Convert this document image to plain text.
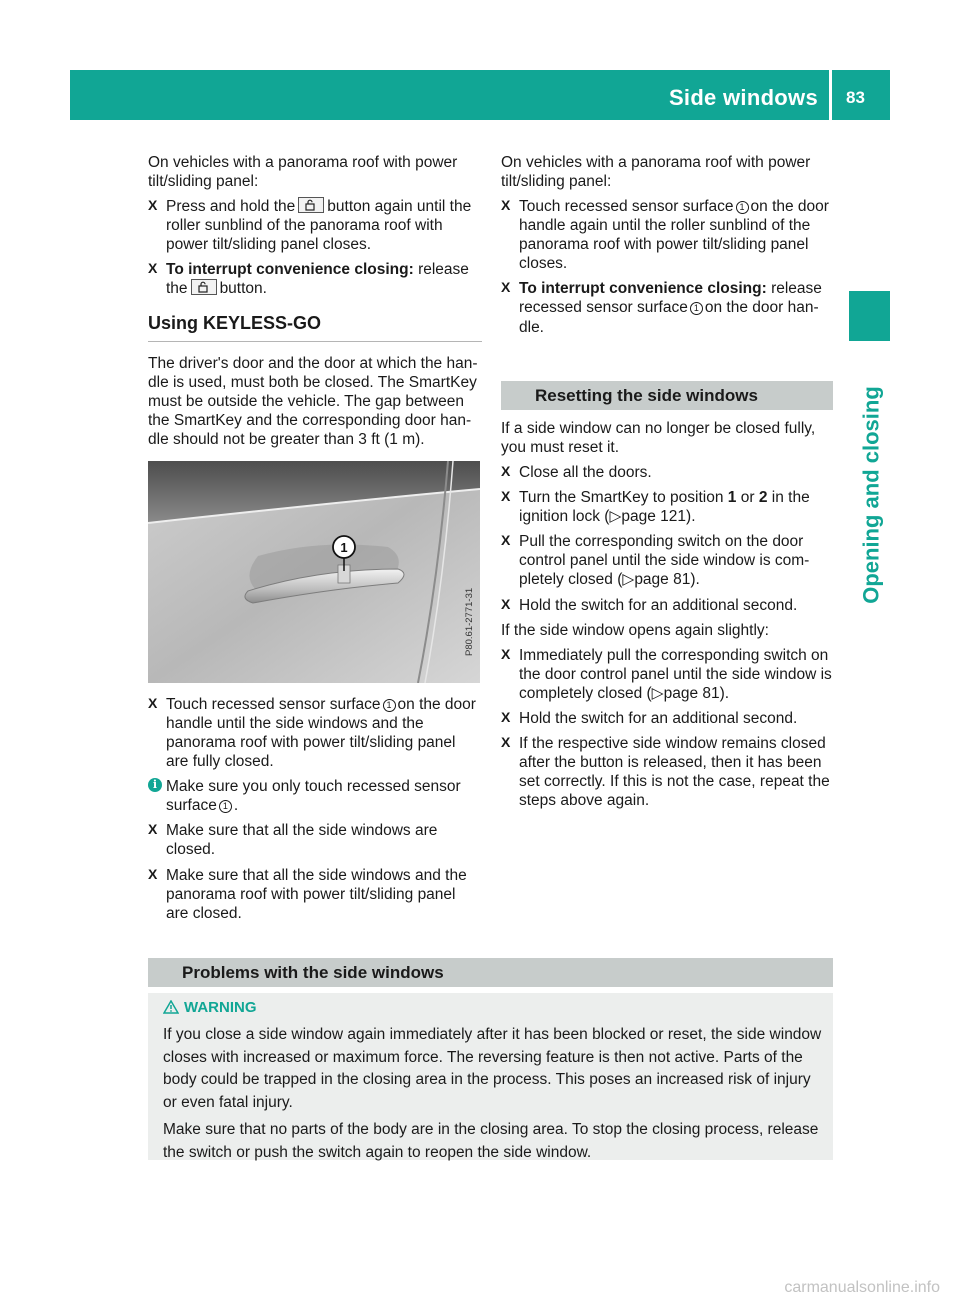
Side windows 83
Opening and closing

On vehicles with a panorama roof with power tilt/sliding panel:

X Press and hold the button again until the roller sunblind of the panorama roof with power tilt/sliding panel closes.
X To interrupt convenience closing: release the button.
Using KEYLESS-GO

The driver's door and the door at which the han-dle is used, must both be closed. The SmartKey must be outside the vehicle. The gap between the SmartKey and the corresponding door han-dle should not be greater than 3 ft (1 m).

1
P80.61-2771-31
X Touch recessed sensor surface 1 on the door handle until the side windows and the panorama roof with power tilt/sliding panel are fully closed.
i Make sure you only touch recessed sensor surface 1 .
X Make sure that all the side windows are closed.
X Make sure that all the side windows and the panorama roof with power tilt/sliding panel are closed.

On vehicles with a panorama roof with power tilt/sliding panel:

X Touch recessed sensor surface 1 on the door handle again until the roller sunblind of the panorama roof with power tilt/sliding panel closes.
X To interrupt convenience closing: release recessed sensor surface 1 on the door han-dle.
Resetting the side windows

If a side window can no longer be closed fully, you must reset it.

X Close all the doors.
X Turn the SmartKey to position 1 or 2 in the ignition lock (▷page 121).
X Pull the corresponding switch on the door control panel until the side window is com-pletely closed (▷page 81).
X Hold the switch for an additional second.

If the side window opens again slightly:

X Immediately pull the corresponding switch on the door control panel until the side window is completely closed (▷page 81).
X Hold the switch for an additional second.
X If the respective side window remains closed after the button is released, then it has been set correctly. If this is not the case, repeat the steps above again.
Problems with the side windows
WARNING

If you close a side window again immediately after it has been blocked or reset, the side window closes with increased or maximum force. The reversing feature is then not active. Parts of the body could be trapped in the closing area in the process. This poses an increased risk of injury or even fatal injury.

Make sure that no parts of the body are in the closing area. To stop the closing process, release the switch or push the switch again to reopen the side window.

carmanualsonline.info
